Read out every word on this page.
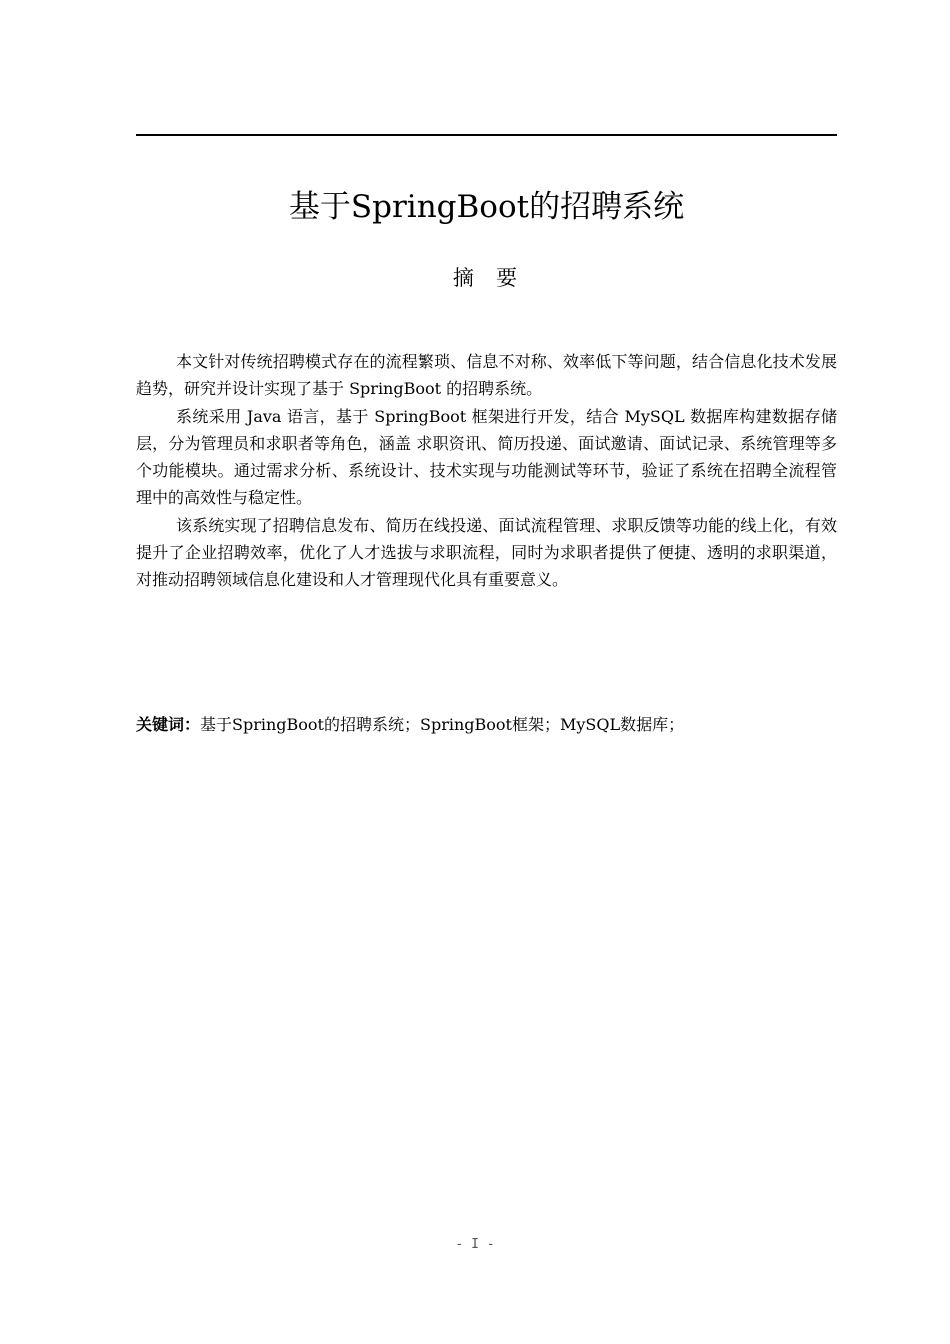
基于SpringBoot的招聘系统
摘  要

本文针对传统招聘模式存在的流程繁琐、信息不对称、效率低下等问题，结合信息化技术发展趋势，研究并设计实现了基于 SpringBoot 的招聘系统。

系统采用 Java 语言，基于 SpringBoot 框架进行开发，结合 MySQL 数据库构建数据存储层，分为管理员和求职者等角色，涵盖 求职资讯、简历投递、面试邀请、面试记录、系统管理等多个功能模块。通过需求分析、系统设计、技术实现与功能测试等环节，验证了系统在招聘全流程管理中的高效性与稳定性。

该系统实现了招聘信息发布、简历在线投递、面试流程管理、求职反馈等功能的线上化，有效提升了企业招聘效率，优化了人才选拔与求职流程，同时为求职者提供了便捷、透明的求职渠道，对推动招聘领域信息化建设和人才管理现代化具有重要意义。

关键词：基于SpringBoot的招聘系统；SpringBoot框架；MySQL数据库；
- I -
